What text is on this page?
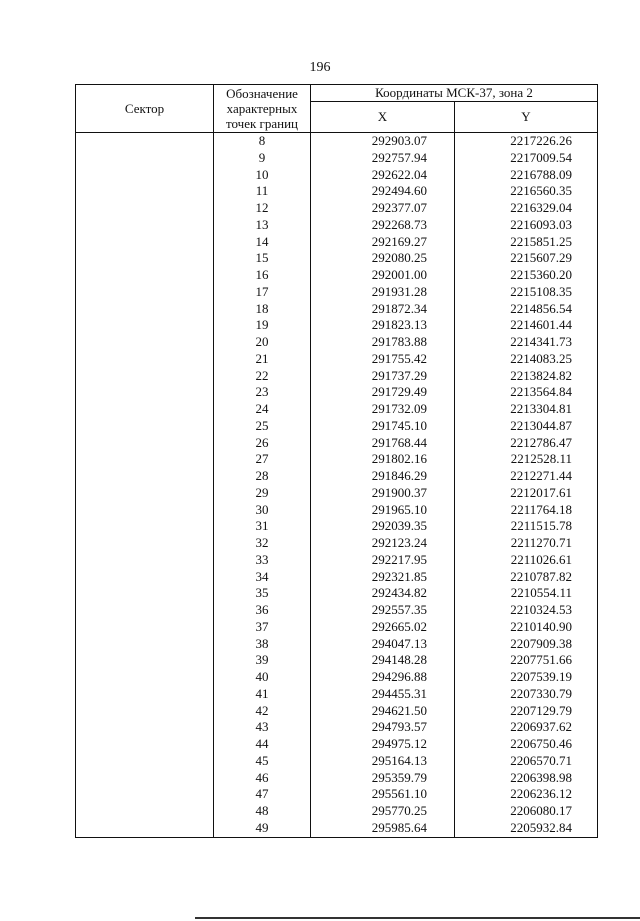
196
Сектор	Обозначение характерных точек границ	Координаты МСК-37, зона 2	
		X	Y
	8	292903.07	2217226.26
	9	292757.94	2217009.54
	10	292622.04	2216788.09
	11	292494.60	2216560.35
	12	292377.07	2216329.04
	13	292268.73	2216093.03
	14	292169.27	2215851.25
	15	292080.25	2215607.29
	16	292001.00	2215360.20
	17	291931.28	2215108.35
	18	291872.34	2214856.54
	19	291823.13	2214601.44
	20	291783.88	2214341.73
	21	291755.42	2214083.25
	22	291737.29	2213824.82
	23	291729.49	2213564.84
	24	291732.09	2213304.81
	25	291745.10	2213044.87
	26	291768.44	2212786.47
	27	291802.16	2212528.11
	28	291846.29	2212271.44
	29	291900.37	2212017.61
	30	291965.10	2211764.18
	31	292039.35	2211515.78
	32	292123.24	2211270.71
	33	292217.95	2211026.61
	34	292321.85	2210787.82
	35	292434.82	2210554.11
	36	292557.35	2210324.53
	37	292665.02	2210140.90
	38	294047.13	2207909.38
	39	294148.28	2207751.66
	40	294296.88	2207539.19
	41	294455.31	2207330.79
	42	294621.50	2207129.79
	43	294793.57	2206937.62
	44	294975.12	2206750.46
	45	295164.13	2206570.71
	46	295359.79	2206398.98
	47	295561.10	2206236.12
	48	295770.25	2206080.17
	49	295985.64	2205932.84
